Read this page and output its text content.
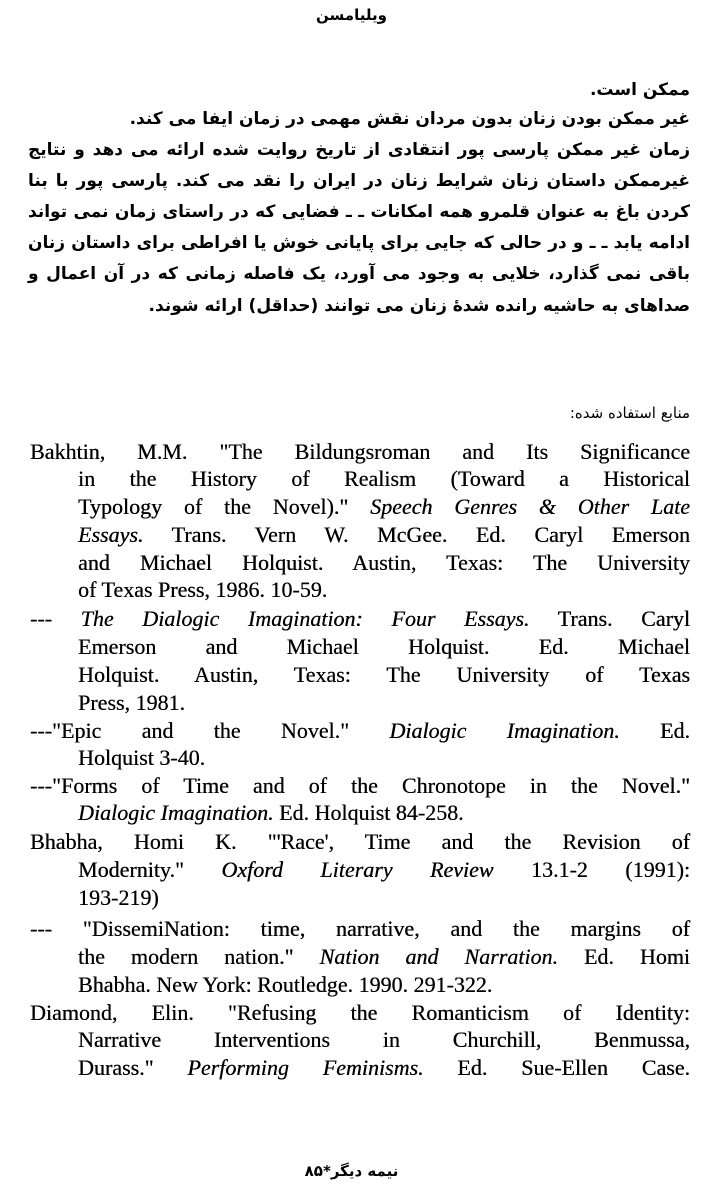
ویلیامسن
ممکن است.
غیر ممکن بودن زنان بدون مردان نقش مهمی در زمان ایفا می کند.
زمان غیر ممکن پارسی پور انتقادی از تاریخ روایت شده ارائه می دهد و نتایج
غیرممکن داستان زنان شرایط زنان در ایران را نقد می کند. پارسی پور با بنا
کردن باغ به عنوان قلمرو همه امکانات ـ ـ فضایی که در راستای زمان نمی تواند
ادامه یابد ـ ـ و در حالی که جایی برای پایانی خوش یا افراطی برای داستان زنان
باقی نمی گذارد، خلایی به وجود می آورد، یک فاصله زمانی که در آن اعمال و
صداهای به حاشیه رانده شدهٔ زنان می توانند (حداقل) ارائه شوند.
منابع استفاده شده:
Bakhtin, M.M. "The Bildungsroman and Its Significance
in the History of Realism (Toward a Historical
Typology of the Novel)." Speech Genres & Other Late
Essays. Trans. Vern W. McGee. Ed. Caryl Emerson
and Michael Holquist. Austin, Texas: The University
of Texas Press, 1986. 10-59.
--- The Dialogic Imagination: Four Essays. Trans. Caryl
Emerson and Michael Holquist. Ed. Michael
Holquist. Austin, Texas: The University of Texas
Press, 1981.
---"Epic and the Novel." Dialogic Imagination. Ed.
Holquist 3-40.
---"Forms of Time and of the Chronotope in the Novel."
Dialogic Imagination. Ed. Holquist 84-258.
Bhabha, Homi K. "'Race', Time and the Revision of
Modernity." Oxford Literary Review 13.1-2 (1991):
193-219)
--- "DissemiNation: time, narrative, and the margins of
the modern nation." Nation and Narration. Ed. Homi
Bhabha. New York: Routledge. 1990. 291-322.
Diamond, Elin. "Refusing the Romanticism of Identity:
Narrative Interventions in Churchill, Benmussa,
Durass." Performing Feminisms. Ed. Sue-Ellen Case.
نیمه دیگر*۸۵
